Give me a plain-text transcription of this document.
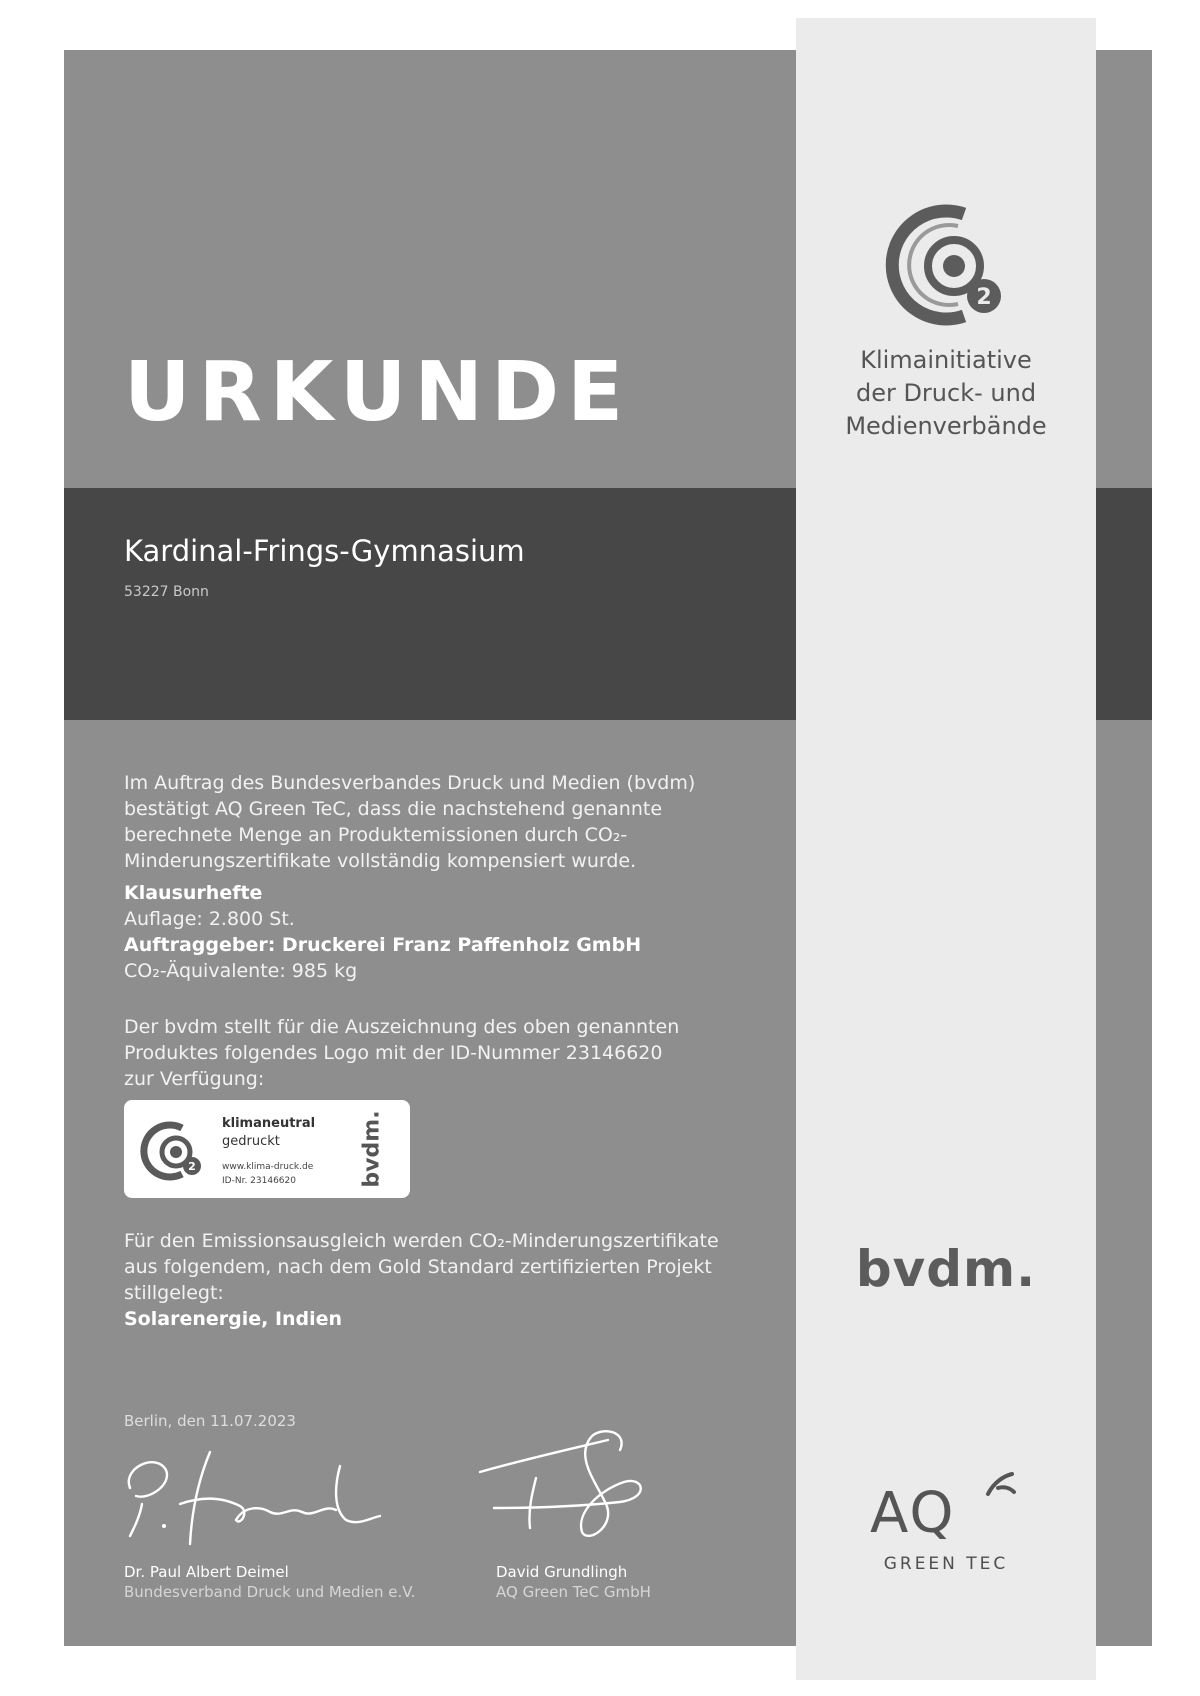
URKUNDE
Kardinal-Frings-Gymnasium
53227 Bonn
Im Auftrag des Bundesverbandes Druck und Medien (bvdm)
bestätigt AQ Green TeC, dass die nachstehend genannte
berechnete Menge an Produktemissionen durch CO₂-
Minderungszertifikate vollständig kompensiert wurde.
Klausurhefte
Auflage: 2.800 St.
Auftraggeber: Druckerei Franz Paffenholz GmbH
CO₂-Äquivalente: 985 kg
Der bvdm stellt für die Auszeichnung des oben genannten
Produktes folgendes Logo mit der ID-Nummer 23146620
zur Verfügung:
2
klimaneutral
gedruckt
www.klima-druck.de
ID-Nr. 23146620	bvdm.
Für den Emissionsausgleich werden CO₂-Minderungszertifikate
aus folgendem, nach dem Gold Standard zertifizierten Projekt
stillgelegt:
Solarenergie, Indien
Berlin, den 11.07.2023
Dr. Paul Albert Deimel
Bundesverband Druck und Medien e.V.
David Grundlingh
AQ Green TeC GmbH
2
Klimainitiative
der Druck- und
Medienverbände
bvdm.
AQ
GREEN TEC
